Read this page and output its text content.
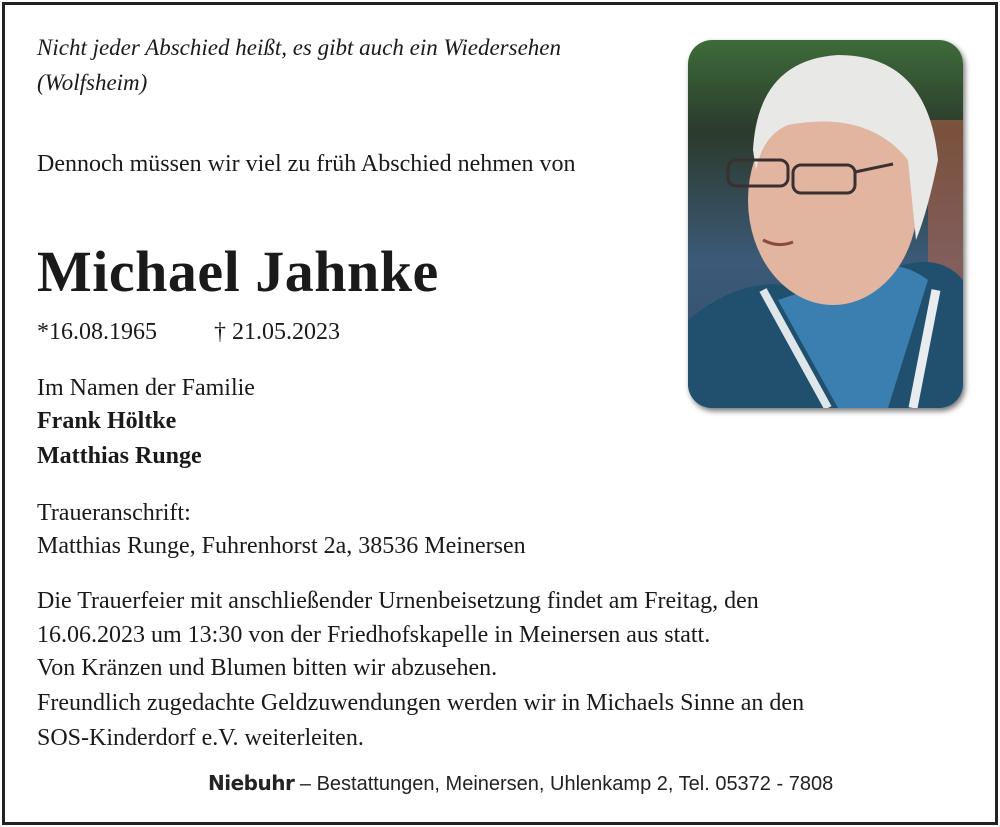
Nicht jeder Abschied heißt, es gibt auch ein Wiedersehen
(Wolfsheim)
Dennoch müssen wir viel zu früh Abschied nehmen von
Michael Jahnke
*16.08.1965 † 21.05.2023
Im Namen der Familie
Frank Höltke
Matthias Runge
Traueranschrift:
Matthias Runge, Fuhrenhorst 2a, 38536 Meinersen
Die Trauerfeier mit anschließender Urnenbeisetzung findet am Freitag, den
16.06.2023 um 13:30 von der Friedhofskapelle in Meinersen aus statt.
Von Kränzen und Blumen bitten wir abzusehen.
Freundlich zugedachte Geldzuwendungen werden wir in Michaels Sinne an den
SOS-Kinderdorf e.V. weiterleiten.
Niebuhr – Bestattungen, Meinersen, Uhlenkamp 2, Tel. 05372 - 7808
